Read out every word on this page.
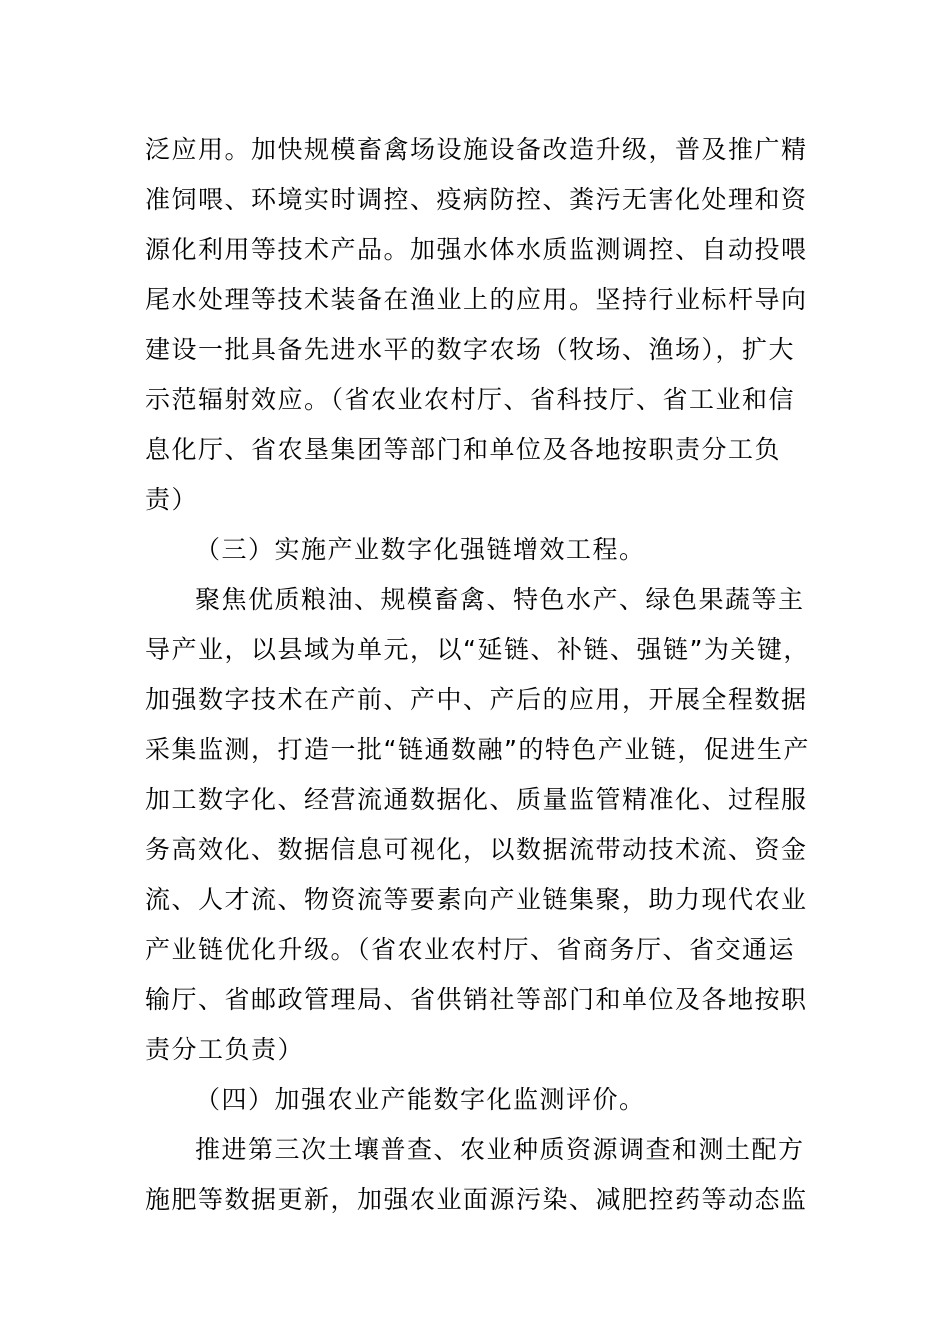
泛应用。加快规模畜禽场设施设备改造升级，普及推广精
准饲喂、环境实时调控、疫病防控、粪污无害化处理和资
源化利用等技术产品。加强水体水质监测调控、自动投喂
尾水处理等技术装备在渔业上的应用。坚持行业标杆导向
建设一批具备先进水平的数字农场（牧场、渔场），扩大
示范辐射效应。（省农业农村厅、省科技厅、省工业和信
息化厅、省农垦集团等部门和单位及各地按职责分工负
责）
（三）实施产业数字化强链增效工程。
聚焦优质粮油、规模畜禽、特色水产、绿色果蔬等主
导产业，以县域为单元，以“延链、补链、强链”为关键，
加强数字技术在产前、产中、产后的应用，开展全程数据
采集监测，打造一批“链通数融”的特色产业链，促进生产
加工数字化、经营流通数据化、质量监管精准化、过程服
务高效化、数据信息可视化，以数据流带动技术流、资金
流、人才流、物资流等要素向产业链集聚，助力现代农业
产业链优化升级。（省农业农村厅、省商务厅、省交通运
输厅、省邮政管理局、省供销社等部门和单位及各地按职
责分工负责）
（四）加强农业产能数字化监测评价。
推进第三次土壤普查、农业种质资源调查和测土配方
施肥等数据更新，加强农业面源污染、减肥控药等动态监
